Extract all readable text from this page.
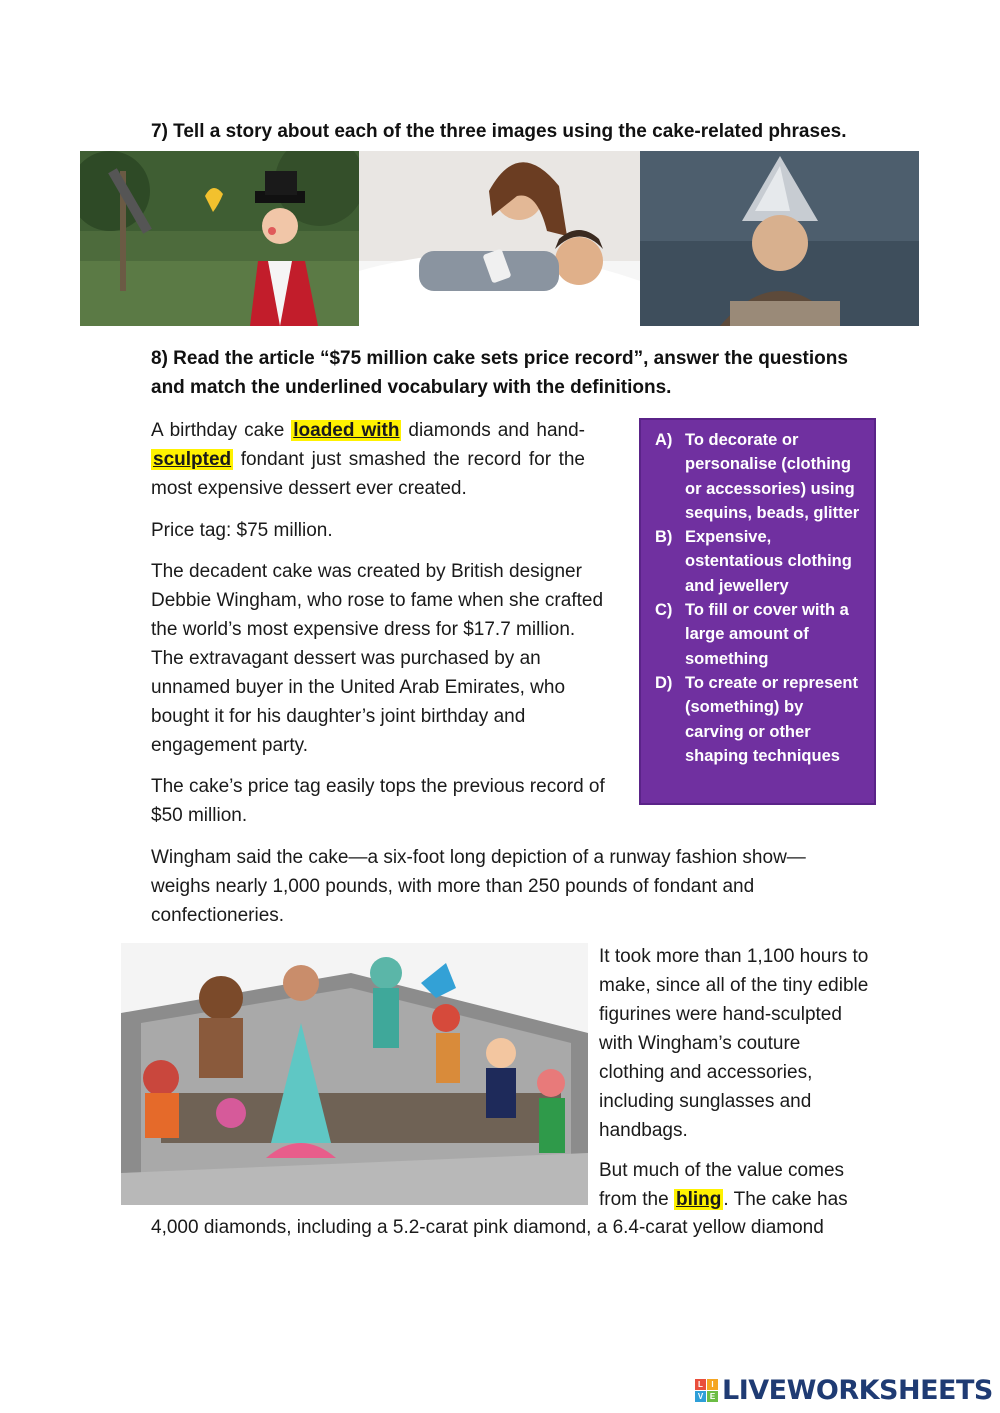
7) Tell a story about each of the three images using the cake-related phrases.
8) Read the article “$75 million cake sets price record”, answer the questions
and match the underlined vocabulary with the definitions.
A birthday cake loaded with diamonds and hand- sculpted fondant just smashed the record for the most expensive dessert ever created.
Price tag: $75 million.
The decadent cake was created by British designer Debbie Wingham, who rose to fame when she crafted the world’s most expensive dress for $17.7 million. The extravagant dessert was purchased by an unnamed buyer in the United Arab Emirates, who bought it for his daughter’s joint birthday and engagement party.
The cake’s price tag easily tops the previous record of $50 million.
A) To decorate or personalise (clothing or accessories) using sequins, beads, glitter
B) Expensive, ostentatious clothing and jewellery
C) To fill or cover with a large amount of something
D) To create or represent (something) by carving or other shaping techniques
Wingham said the cake—a six-foot long depiction of a runway fashion show—weighs nearly 1,000 pounds, with more than 250 pounds of fondant and confectioneries.
It took more than 1,100 hours to make, since all of the tiny edible figurines were hand-sculpted with Wingham’s couture clothing and accessories, including sunglasses and handbags.
But much of the value comes from the bling . The cake has
4,000 diamonds, including a 5.2-carat pink diamond, a 6.4-carat yellow diamond
L	I
V E LIVEWORKSHEETS
